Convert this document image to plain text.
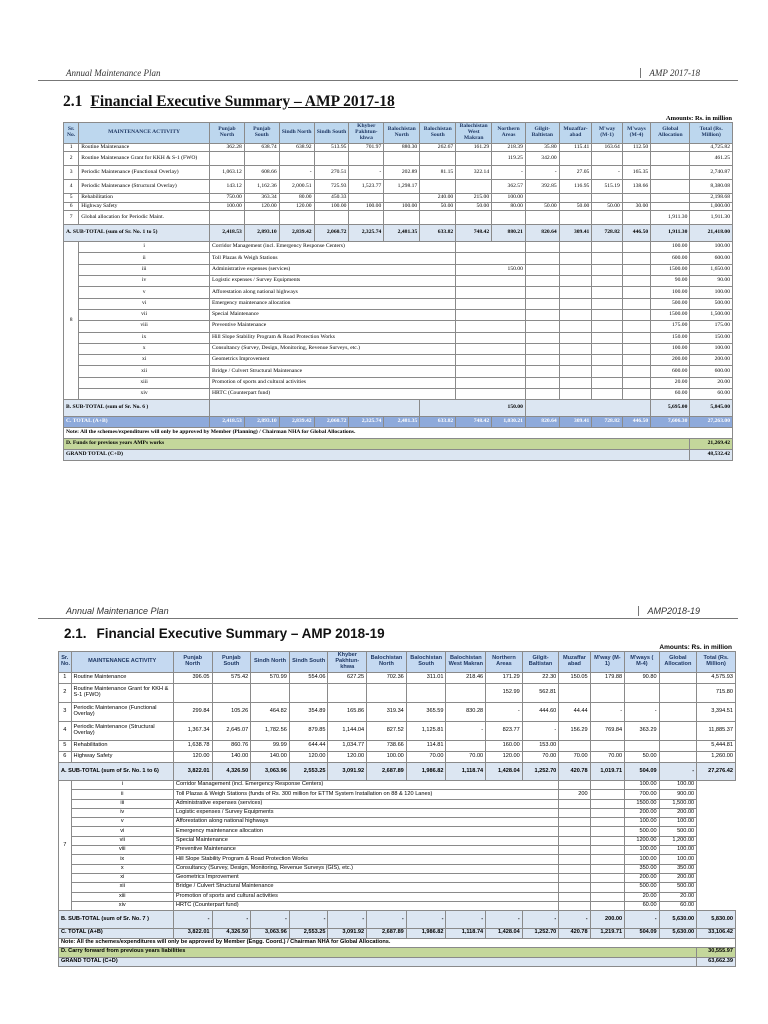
Annual Maintenance Plan	AMP 2017-18
2.1 Financial Executive Summary – AMP 2017-18
Amounts: Rs. in million
Sr. No.	MAINTENANCE ACTIVITY	Punjab North	Punjab South	Sindh North	Sindh South	Khyber Pakhtun-khwa	Balochistan North	Balochistan South	Balochistan West Makran	Northern Areas	Gilgit-Baltistan	Muzaffar-abad	M'way (M-1)	M'ways (M-4)	Global Allocation	Total (Rs. Million)
1	Routine Maintenance	362.28	638.74	638.92	513.95	701.97	880.30	262.67	161.29	218.39	35.80	115.41	163.64	112.50		4,725.82
2	Routine Maintenance Grant for KKH & S-1 (FWO)									119.25	342.00					461.25
3	Periodic Maintenance (Functional Overlay)	1,063.12	608.66	-	270.51	-	202.89	81.15	322.14	-	-	27.05	-	165.35		2,740.87
4	Periodic Maintenance (Structural Overlay)	143.12	1,162.36	2,000.51	725.93	1,523.77	1,298.17			362.57	392.85	116.95	515.19	138.66		8,380.08
5	Rehabilitation	750.00	363.34	80.00	450.33			240.00	215.00	100.00						2,198.68
6	Highway Safety	100.00	120.00	120.00	100.00	100.00	100.00	50.00	50.00	80.00	50.00	50.00	50.00	30.00		1,000.00
7	Global allocation for Periodic Maint.														1,911.30	1,911.30
A. SUB-TOTAL (sum of Sr. No. 1 to 5)		2,418.53	2,893.10	2,839.42	2,060.72	2,325.74	2,481.35	633.82	748.42	880.21	820.64	309.41	728.82	446.50	1,911.30	21,418.00
8	i	Corridor Management (incl. Emergency Response Centers)													100.00	100.00
	ii	Toll Plazas & Weigh Stations													600.00	600.00
	iii	Administrative expenses (services)							150.00						1500.00	1,650.00
	iv	Logistic expenses / Survey Equipments													90.00	90.00
	v	Afforestation along national highways													100.00	100.00
	vi	Emergency maintenance allocation													500.00	500.00
	vii	Special Maintenance													1500.00	1,500.00
	viii	Preventive Maintenance													175.00	175.00
	ix	Hill Slope Stability Program & Road Protection Works													150.00	150.00
	x	Consultancy (Survey, Design, Monitoring, Revenue Surveys, etc.)													100.00	100.00
	xi	Geometrics Improvement													200.00	200.00
	xii	Bridge / Culvert Structural Maintenance													600.00	600.00
	xiii	Promotion of sports and cultural activities													20.00	20.00
	xiv	HRTC (Counterpart fund)													60.00	60.00
B. SUB-TOTAL (sum of Sr. No. 6 )								150.00							5,695.00	5,845.00
C. TOTAL (A+B)		2,418.53	2,893.10	2,839.42	2,060.72	2,325.74	2,481.35	633.82	748.42	1,030.21	820.64	309.41	728.82	446.50	7,606.30	27,263.00
Note: All the schemes/expenditures will only be approved by Member (Planning) / Chairman NHA for Global Allocations.																
D. Funds for previous years AMPs works																21,269.42
GRAND TOTAL (C+D)																48,532.42
Annual Maintenance Plan	AMP2018-19
2.1. Financial Executive Summary – AMP 2018-19
Amounts: Rs. in million
Sr. No.	MAINTENANCE ACTIVITY	Punjab North	Punjab South	Sindh North	Sindh South	Khyber Pakhtun-khwa	Balochistan North	Balochistan South	Balochistan West Makran	Northern Areas	Gilgit-Baltistan	Muzaffar abad	M'way (M-1)	M'ways ( M-4)	Global Allocation	Total (Rs. Million)
1	Routine Maintenance	396.05	575.42	570.99	554.06	627.25	702.36	311.01	218.46	171.29	22.30	150.05	179.88	90.80		4,575.93
2	Routine Maintenance Grant for KKH & S-1 (FWO)									152.99	562.81					715.80
3	Periodic Maintenance (Functional Overlay)	299.84	105.26	464.82	354.89	165.86	319.34	365.59	830.28	-	444.60	44.44	-	-		3,394.51
4	Periodic Maintenance (Structural Overlay)	1,367.34	2,645.07	1,782.56	879.85	1,144.04	827.52	1,125.81	-	823.77	-	156.29	769.84	363.29		11,885.37
5	Rehabilitation	1,638.78	860.76	99.99	644.44	1,034.77	738.66	114.81		160.00	153.00					5,444.81
6	Highway Safety	120.00	140.00	140.00	120.00	120.00	100.00	70.00	70.00	120.00	70.00	70.00	70.00	50.00		1,260.00
A. SUB-TOTAL (sum of Sr. No. 1 to 6)		3,822.01	4,326.50	3,063.96	2,553.25	3,091.92	2,687.89	1,986.82	1,118.74	1,428.04	1,252.70	420.78	1,019.71	504.09	-	27,276.42
7	i	Corridor Management (incl. Emergency Response Centers)												100.00	100.00	
	ii	Toll Plazas & Weigh Stations (funds of Rs. 300 million for ETTM System Installation on 88 & 120 Lanes)										200		700.00	900.00	
	iii	Administrative expenses (services)												1500.00	1,500.00	
	iv	Logistic expenses / Survey Equipments												200.00	200.00	
	v	Afforestation along national highways												100.00	100.00	
	vi	Emergency maintenance allocation												500.00	500.00	
	vii	Special Maintenance												1200.00	1,200.00	
	viii	Preventive Maintenance												100.00	100.00	
	ix	Hill Slope Stability Program & Road Protection Works												100.00	100.00	
	x	Consultancy (Survey, Design, Monitoring, Revenue Surveys (GIS), etc.)												350.00	350.00	
	xi	Geometrics Improvement												200.00	200.00	
	xii	Bridge / Culvert Structural Maintenance												500.00	500.00	
	xiii	Promotion of sports and cultural activities												20.00	20.00	
	xiv	HRTC (Counterpart fund)												60.00	60.00	
B. SUB-TOTAL (sum of Sr. No. 7 )		-	-	-	-	-	-	-	-	-	-	-	200.00	-	5,630.00	5,830.00
C. TOTAL (A+B)		3,822.01	4,326.50	3,063.96	2,553.25	3,091.92	2,687.89	1,986.82	1,118.74	1,428.04	1,252.70	420.78	1,219.71	504.09	5,630.00	33,106.42
Note: All the schemes/expenditures will only be approved by Member (Engg. Coord.) / Chairman NHA for Global Allocations.																
D. Carry forward from previous years liabilities																30,555.97
GRAND TOTAL (C+D)																63,662.39
